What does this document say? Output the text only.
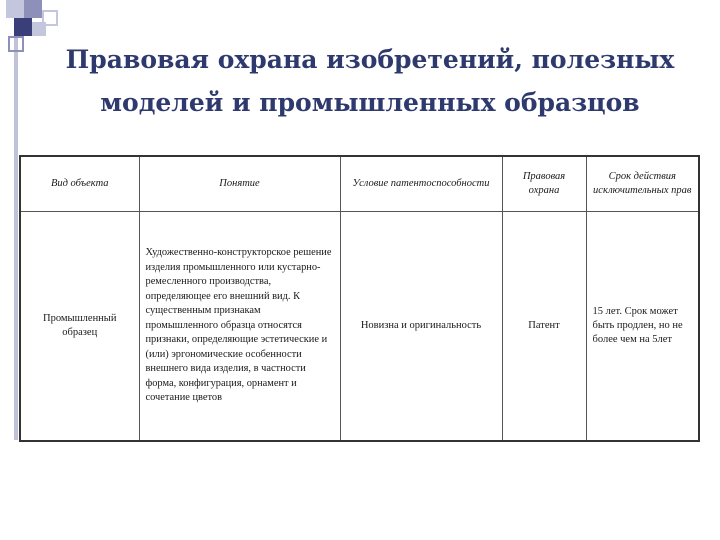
Правовая охрана изобретений, полезных
моделей и промышленных образцов
Вид объекта	Понятие	Условие патентоспособности	Правовая охрана	Срок действия исключительных прав
Промышленный образец	Художественно-конструкторское решение изделия промышленного или кустарно-ремесленного производства, определяющее его внешний вид. К существенным признакам промышленного образца относятся признаки, определяющие эстетические и (или) эргономические особенности внешнего вида изделия, в частности форма, конфигурация, орнамент и сочетание цветов	Новизна и оригинальность	Патент	15 лет. Срок может быть продлен, но не более чем на 5лет
